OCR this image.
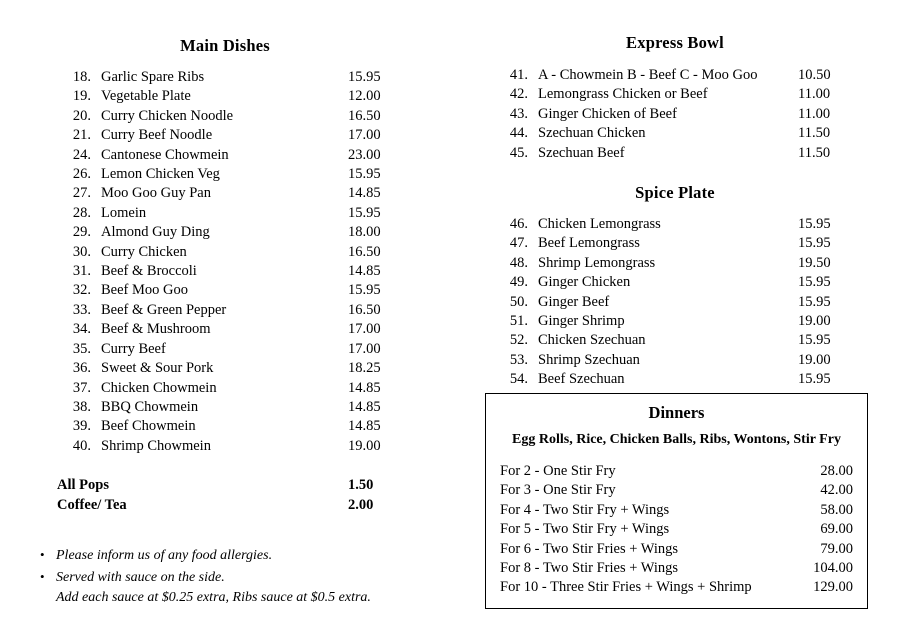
Main Dishes
18. Garlic Spare Ribs	15.95
19. Vegetable Plate	12.00
20. Curry Chicken Noodle	16.50
21. Curry Beef Noodle	17.00
24. Cantonese Chowmein	23.00
26. Lemon Chicken Veg	15.95
27. Moo Goo Guy Pan	14.85
28. Lomein	15.95
29. Almond Guy Ding	18.00
30. Curry Chicken	16.50
31. Beef & Broccoli	14.85
32. Beef Moo Goo	15.95
33. Beef & Green Pepper	16.50
34. Beef & Mushroom	17.00
35. Curry Beef	17.00
36. Sweet & Sour Pork	18.25
37. Chicken Chowmein	14.85
38. BBQ Chowmein	14.85
39. Beef Chowmein	14.85
40. Shrimp Chowmein	19.00
All Pops	1.50
Coffee/ Tea	2.00
• Please inform us of any food allergies.
• Served with sauce on the side.
Add each sauce at $0.25 extra, Ribs sauce at $0.5 extra.
Express Bowl
41. A - Chowmein B - Beef C - Moo Goo	10.50
42. Lemongrass Chicken or Beef	11.00
43. Ginger Chicken of Beef	11.00
44. Szechuan Chicken	11.50
45. Szechuan Beef	11.50
Spice Plate
46. Chicken Lemongrass	15.95
47. Beef Lemongrass	15.95
48. Shrimp Lemongrass	19.50
49. Ginger Chicken	15.95
50. Ginger Beef	15.95
51. Ginger Shrimp	19.00
52. Chicken Szechuan	15.95
53. Shrimp Szechuan	19.00
54. Beef Szechuan	15.95
Dinners
Egg Rolls, Rice, Chicken Balls, Ribs, Wontons, Stir Fry
For 2 - One Stir Fry	28.00
For 3 - One Stir Fry	42.00
For 4 - Two Stir Fry + Wings	58.00
For 5 - Two Stir Fry + Wings	69.00
For 6 - Two Stir Fries + Wings	79.00
For 8 - Two Stir Fries + Wings	104.00
For 10 - Three Stir Fries + Wings + Shrimp	129.00
